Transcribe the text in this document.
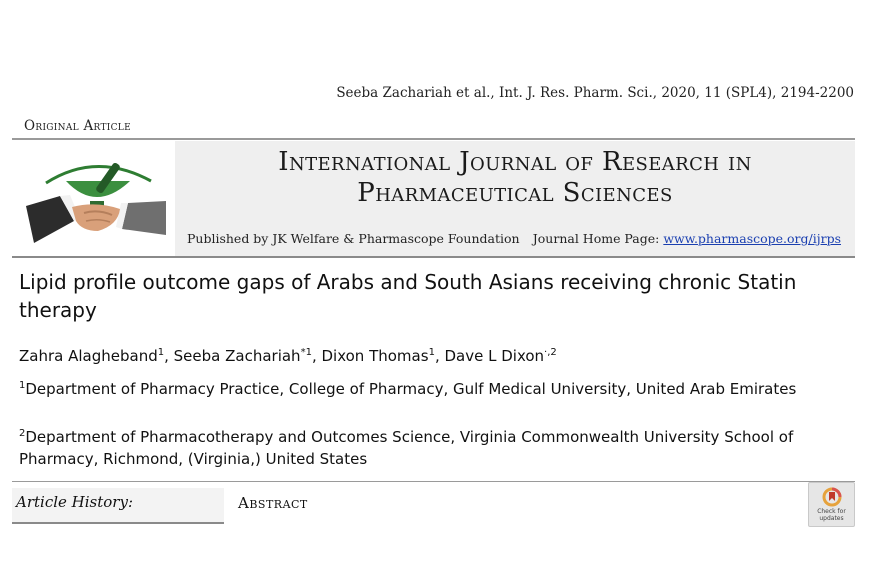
Seeba Zachariah et al., Int. J. Res. Pharm. Sci., 2020, 11 (SPL4), 2194-2200
Original Article
International Journal of Research in
Pharmaceutical Sciences
Published by JK Welfare & Pharmascope Foundation Journal Home Page: www.pharmascope.org/ijrps
Lipid profile outcome gaps of Arabs and South Asians receiving chronic Statin therapy
Zahra Alagheband$^1$, Seeba Zachariah$^{*1}$, Dixon Thomas$^1$, Dave L Dixon$^{\cdot,2}$
$^1$Department of Pharmacy Practice, College of Pharmacy, Gulf Medical University, United Arab Emirates
$^2$Department of Pharmacotherapy and Outcomes Science, Virginia Commonwealth University School of Pharmacy, Richmond, (Virginia,) United States
Article History:	Abstract	Check for
updates
